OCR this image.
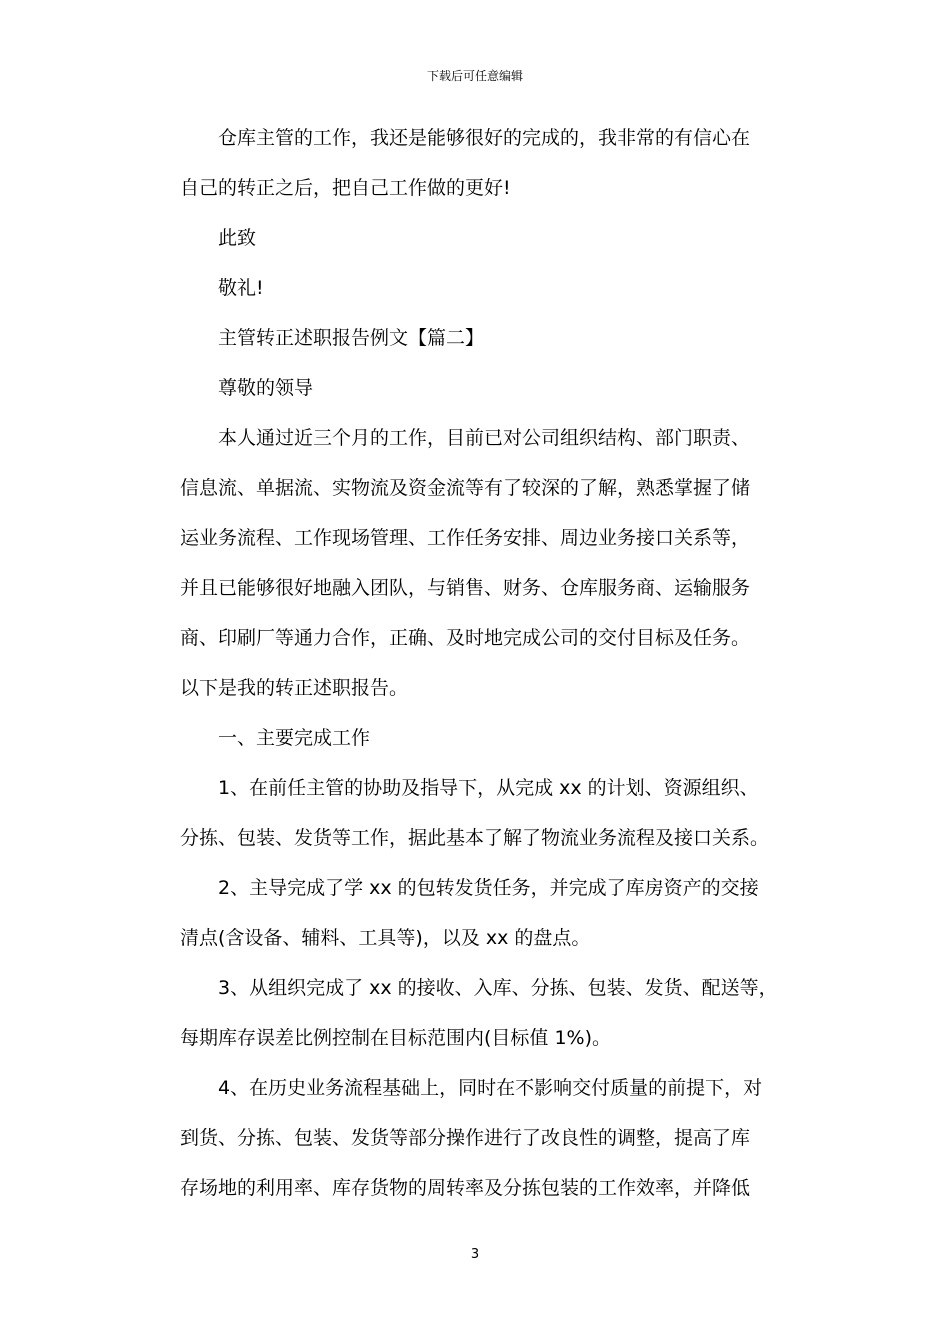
下载后可任意编辑
仓库主管的工作，我还是能够很好的完成的，我非常的有信心在
自己的转正之后，把自己工作做的更好!
此致
敬礼!
主管转正述职报告例文【篇二】
尊敬的领导
本人通过近三个月的工作，目前已对公司组织结构、部门职责、
信息流、单据流、实物流及资金流等有了较深的了解，熟悉掌握了储
运业务流程、工作现场管理、工作任务安排、周边业务接口关系等，
并且已能够很好地融入团队，与销售、财务、仓库服务商、运输服务
商、印刷厂等通力合作，正确、及时地完成公司的交付目标及任务。
以下是我的转正述职报告。
一、主要完成工作
1、在前任主管的协助及指导下，从完成 xx 的计划、资源组织、
分拣、包装、发货等工作，据此基本了解了物流业务流程及接口关系。
2、主导完成了学 xx 的包转发货任务，并完成了库房资产的交接
清点(含设备、辅料、工具等)，以及 xx 的盘点。
3、从组织完成了 xx 的接收、入库、分拣、包装、发货、配送等，
每期库存误差比例控制在目标范围内(目标值 1%)。
4、在历史业务流程基础上，同时在不影响交付质量的前提下，对
到货、分拣、包装、发货等部分操作进行了改良性的调整，提高了库
存场地的利用率、库存货物的周转率及分拣包装的工作效率，并降低
3
